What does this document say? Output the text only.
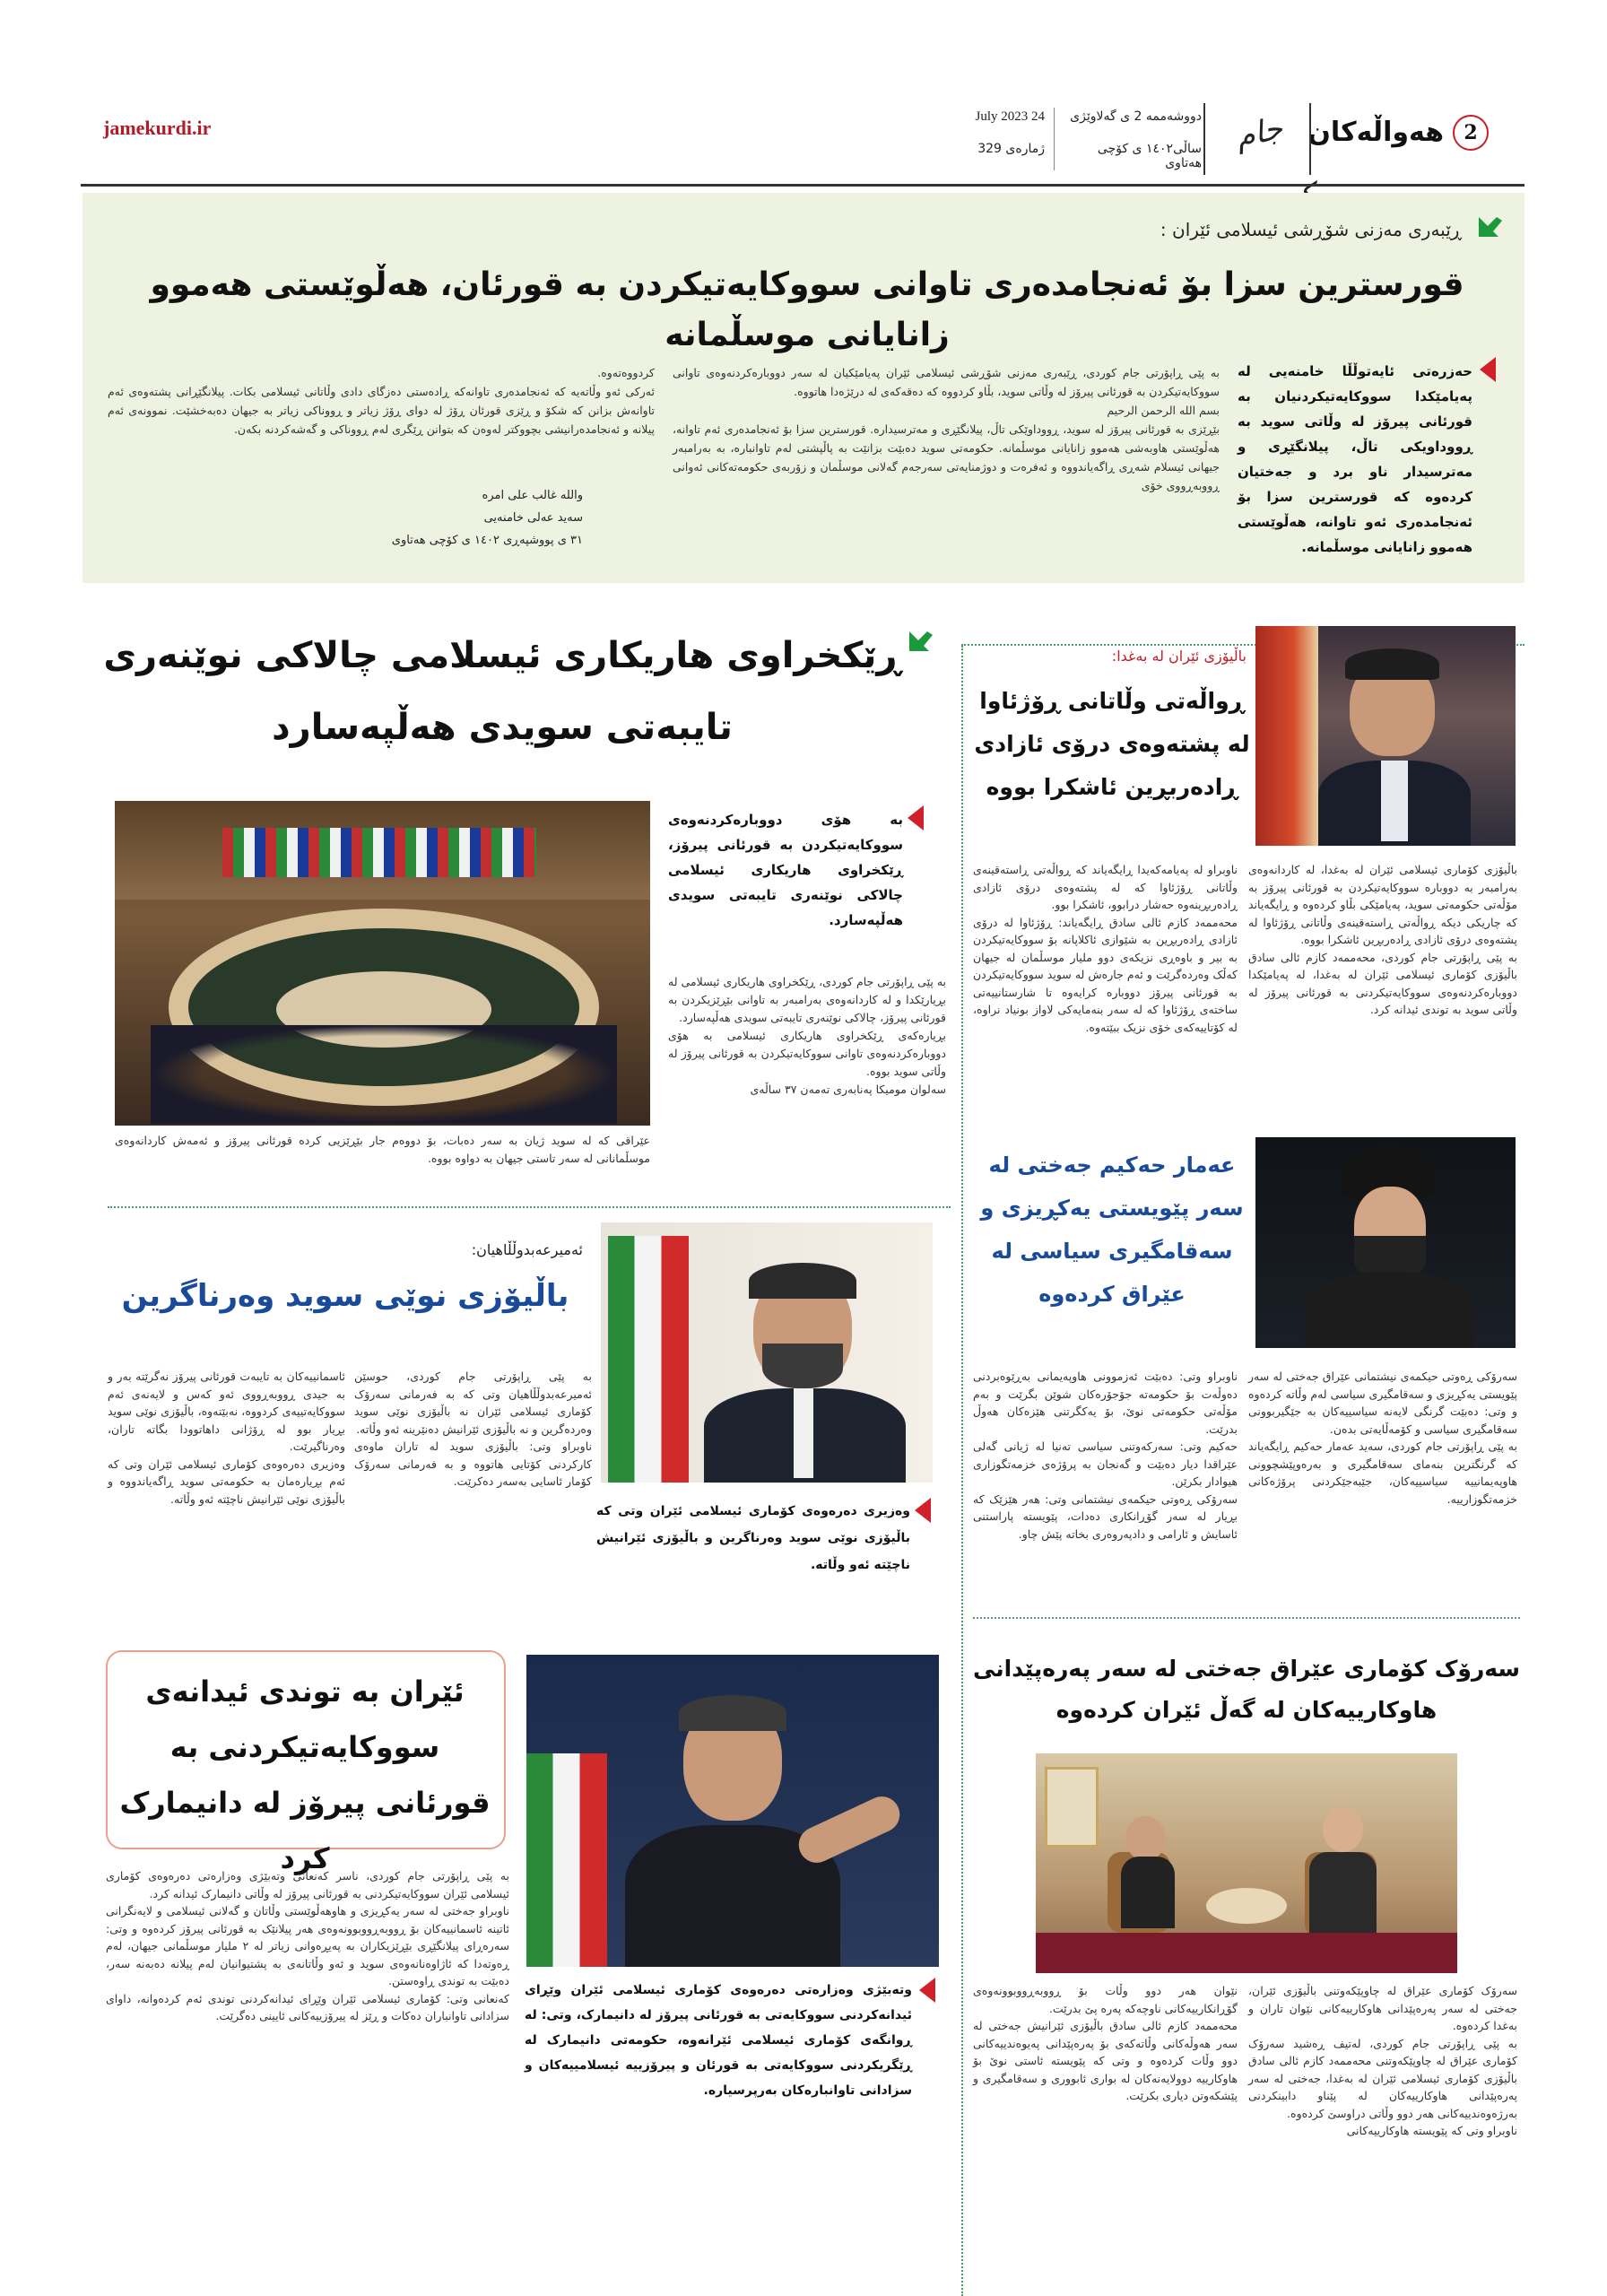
2
هەواڵەکان
جام
دووشەممە 2 ی گەلاوێژی
ساڵی١٤٠٢ ی کۆچی هەتاوی
24 July 2023
ژمارەی 329
jamekurdi.ir
ڕێبەری مەزنی شۆڕشی ئیسلامی ئێران :
قورسترین سزا بۆ ئەنجامدەری تاوانی سووکایەتیکردن بە قورئان، هەڵوێستی هەموو زانایانی موسڵمانە
حەزرەتی ئایەتوڵڵا خامنەیی لە پەیامێکدا سووکایەتیکردنیان بە قورئانی پیرۆز لە وڵاتی سوید بە ڕووداویکی تاڵ، پیلانگێڕی و مەترسیدار ناو برد و جەختیان کردەوە کە قورسترین سزا بۆ ئەنجامدەری ئەو تاوانە، هەڵوێستی هەموو زانایانی موسڵمانە.
بە پێی ڕاپۆرتی جام کوردی، ڕێبەری مەزنی شۆڕشی ئیسلامی ئێران پەیامێکیان لە سەر دووبارەکردنەوەی تاوانی سووکایەتیکردن بە قورئانی پیرۆز لە وڵاتی سوید، بڵاو کردووە کە دەقەکەی لە درێژەدا هاتووە.
بسم الله الرحمن الرحیم
بێڕێزی بە قورئانی پیرۆز لە سوید، ڕووداوێکی تاڵ، پیلانگێڕی و مەترسیدارە. قورسترین سزا بۆ ئەنجامدەری ئەم تاوانە، هەڵوێستی هاوبەشی هەموو زانایانی موسڵمانە. حکومەتی سوید دەبێت بزانێت بە پاڵپشتی لەم تاوانبارە، بە بەرامبەر جیهانی ئیسلام شەڕی ڕاگەیاندووە و ئەفرەت و دوژمنایەتی سەرجەم گەلانی موسڵمان و زۆربەی حکومەتەکانی ئەوانی ڕووبەڕووی خۆی
کردووەتەوە.
ئەرکی ئەو وڵاتەیە کە ئەنجامدەری تاوانەکە ڕادەستی دەزگای دادی وڵاتانی ئیسلامی بکات. پیلانگێڕانی پشتەوەی ئەم تاوانەش بزانن کە شکۆ و ڕێزی قورئان ڕۆژ لە دوای ڕۆژ زیاتر و ڕووناکی زیاتر بە جیهان دەبەخشێت. نموونەی ئەم پیلانە و ئەنجامدەرانیشی بچووکتر لەوەن کە بتوانن ڕێگری لەم ڕووناکی و گەشەکردنە بکەن.
والله غالب علی امره
سەید عەلی خامنەیی
٣١ ی پووشپەڕی ١٤٠٢ ی کۆچی هەتاوی
باڵیۆزی ئێران لە بەغدا:
ڕواڵەتی وڵاتانی ڕۆژئاوا لە پشتەوەی درۆی ئازادی ڕادەربڕین ئاشکرا بووە
باڵیۆزی کۆماری ئیسلامی ئێران لە بەغدا، لە کاردانەوەی بەرامبەر بە دووبارە سووکایەتیکردن بە قورئانی پیرۆز بە مۆڵەتی حکومەتی سوید، پەیامێکی بڵاو کردەوە و ڕایگەیاند کە چاریکی دیکە ڕواڵەتی ڕاستەقینەی وڵاتانی ڕۆژئاوا لە پشتەوەی درۆی ئازادی ڕادەربڕین ئاشکرا بووە.
بە پێی ڕاپۆرتی جام کوردی، محەممەد کازم ئالی سادق باڵیۆزی کۆماری ئیسلامی ئێران لە بەغدا، لە پەیامێکدا دووبارەکردنەوەی سووکایەتیکردنی بە قورئانی پیرۆز لە وڵاتی سوید بە توندی ئیدانە کرد.
ناوبراو لە پەیامەکەیدا ڕایگەیاند کە ڕواڵەتی ڕاستەقینەی وڵاتانی ڕۆژئاوا کە لە پشتەوەی درۆی ئازادی ڕادەربڕینەوە حەشار درابوو، ئاشکرا بوو.
محەممەد کازم ئالی سادق ڕایگەیاند: ڕۆژئاوا لە درۆی ئازادی ڕادەربڕین بە شێوازی ئاکلاپانە بۆ سووکایەتیکردن بە بیر و باوەڕی نزیکەی دوو ملیار موسڵمان لە جیهان کەڵک وەردەگرێت و ئەم جارەش لە سوید سووکایەتیکردن بە قورئانی پیرۆز دووبارە کرایەوە تا شارستانییەتی ساختەی ڕۆژئاوا کە لە سەر بنەمایەکی لاواز بونیاد نراوە، لە کۆتاییەکەی خۆی نزیک ببێتەوە.
عەمار حەکیم جەختی لە سەر پێویستی یەکڕیزی و سەقامگیری سیاسی لە عێراق کردەوە
سەرۆکی ڕەوتی حیکمەی نیشتمانی عێراق جەختی لە سەر پێویستی یەکڕیزی و سەقامگیری سیاسی لەم وڵاتە کردەوە و وتی: دەبێت گرنگی لایەنە سیاسییەکان بە جێگیربوونی سەقامگیری سیاسی و کۆمەڵایەتی بدەن.
بە پێی ڕاپۆرتی جام کوردی، سەید عەمار حەکیم ڕایگەیاند کە گرنگترین بنەمای سەقامگیری و بەرەوپێشچوونی هاوپەیمانییە سیاسییەکان، جێبەجێکردنی پرۆژەکانی خزمەتگوزارییە.
ناوبراو وتی: دەبێت ئەزموونی هاوپەیمانی بەڕێوەبردنی دەوڵەت بۆ حکومەتە جۆجۆرەکان شوێن بگرێت و بەم مۆڵەتی حکومەتی نوێ، بۆ یەکگرتنی هێزەکان هەوڵ بدرێت.
حەکیم وتی: سەرکەوتنی سیاسی تەنیا لە ژیانی گەلی عێراقدا دیار دەبێت و گەنجان بە پرۆژەی خزمەتگوزاری هیوادار بکرێن.
سەرۆکی ڕەوتی حیکمەی نیشتمانی وتی: هەر هێزێک کە بڕیار لە سەر گۆڕانکاری دەدات، پێویستە پاراستنی ئاسایش و ئارامی و دادپەروەری بخاتە پێش چاو.
سەرۆک کۆماری عێراق جەختی لە سەر پەرەپێدانی هاوکارییەکان لە گەڵ ئێران کردەوە
سەرۆک کۆماری عێراق لە چاوپێکەوتنی باڵیۆزی ئێران، جەختی لە سەر پەرەپێدانی هاوکارییەکانی نێوان تاران و بەغدا کردەوە.
بە پێی ڕاپۆرتی جام کوردی، لەتیف ڕەشید سەرۆک کۆماری عێراق لە چاوپێکەوتنی محەممەد کازم ئالی سادق باڵیۆزی کۆماری ئیسلامی ئێران لە بەغدا، جەختی لە سەر پەرەپێدانی هاوکارییەکان لە پێناو دابینکردنی بەرژەوەندییەکانی هەر دوو وڵاتی دراوسێ کردەوە.
ناوبراو وتی کە پێویستە هاوکارییەکانی
نێوان هەر دوو وڵات بۆ ڕووبەڕووبوونەوەی گۆڕانکارییەکانی ناوچەکە پەرە پێ بدرێت.
محەممەد کازم ئالی سادق باڵیۆزی ئێرانیش جەختی لە سەر هەوڵەکانی وڵاتەکەی بۆ پەرەپێدانی پەیوەندییەکانی دوو وڵات کردەوە و وتی کە پێویستە ئاستی نوێ بۆ هاوکارییە دوولایەنەکان لە بواری ئابووری و سەقامگیری و پێشکەوتن دیاری بکرێت.
ڕێکخراوی هاریکاری ئیسلامی چالاکی نوێنەری
تایبەتی سویدی هەڵپەسارد
بە هۆی دووبارەکردنەوەی سووکایەتیکردن بە قورئانی پیرۆز، ڕێکخراوی هاریکاری ئیسلامی چالاکی نوێنەری تایبەتی سویدی هەڵپەسارد.
بە پێی ڕاپۆرتی جام کوردی، ڕێکخراوی هاریکاری ئیسلامی لە بڕیارێکدا و لە کاردانەوەی بەرامبەر بە تاوانی بێڕێزیکردن بە قورئانی پیرۆز، چالاکی نوێنەری تایبەتی سویدی هەڵپەسارد.
بڕیارەکەی ڕێکخراوی هاریکاری ئیسلامی بە هۆی دووبارەکردنەوەی تاوانی سووکایەتیکردن بە قورئانی پیرۆز لە وڵاتی سوید بووە.
سەلوان مومیکا پەنابەری تەمەن ٣٧ ساڵەی
عێراقی کە لە سوید ژیان بە سەر دەبات، بۆ دووەم جار بێڕێزیی کردە قورئانی پیرۆز و ئەمەش کاردانەوەی موسڵمانانی لە سەر تاستی جیهان بە دواوە بووە.
ئەمیرعەبدوڵڵاهیان:
باڵیۆزی نوێی سوید وەرناگرین
وەزیری دەرەوەی کۆماری ئیسلامی ئێران وتی کە باڵیۆزی نوێی سوید وەرناگرین و باڵیۆزی ئێرانیش ناچێتە ئەو وڵاتە.
بە پێی ڕاپۆرتی جام کوردی، حوسێن ئەمیرعەبدوڵڵاهیان وتی کە بە فەرمانی سەرۆک کۆماری ئیسلامی ئێران نە باڵیۆزی نوێی سوید وەردەگرین و نە باڵیۆزی ئێرانیش دەنێرینە ئەو وڵاتە.
ناوبراو وتی: باڵیۆزی سوید لە تاران ماوەی کارکردنی کۆتایی هاتووە و بە فەرمانی سەرۆک کۆمار ئاسایی بەسەر دەکرێت.
ئاسمانییەکان بە تایبەت قورئانی پیرۆز نەگرێتە بەر و بە جیدی ڕووبەڕووی ئەو کەس و لایەنەی ئەم سووکایەتییەی کردووە، نەبێتەوە، باڵیۆزی نوێی سوید بڕیار بوو لە ڕۆژانی داهاتوودا بگاتە تاران، وەرناگیرێت.
وەزیری دەرەوەی کۆماری ئیسلامی ئێران وتی کە ئەم بڕیارەمان بە حکومەتی سوید ڕاگەیاندووە و باڵیۆزی نوێی ئێرانیش ناچێتە ئەو وڵاتە.
ئێران بە توندی ئیدانەی سووکایەتیکردنی بە قورئانی پیرۆز لە دانیمارک کرد
وتەبێژی وەزارەتی دەرەوەی کۆماری ئیسلامی ئێران وێڕای ئیدانەکردنی سووکایەتی بە قورئانی پیرۆز لە دانیمارک، وتی: لە ڕوانگەی کۆماری ئیسلامی ئێرانەوە، حکومەتی دانیمارک لە ڕێگریکردنی سووکایەتی بە قورئان و پیرۆزییە ئیسلامییەکان و سزادانی تاوانبارەکان بەرپرسیارە.
بە پێی ڕاپۆرتی جام کوردی، ناسر کەنعانی وتەبێژی وەزارەتی دەرەوەی کۆماری ئیسلامی ئێران سووکایەتیکردنی بە قورئانی پیرۆز لە وڵاتی دانیمارک ئیدانە کرد.
ناوبراو جەختی لە سەر یەکڕیزی و هاوهەڵوێستی وڵاتان و گەلانی ئیسلامی و لایەنگرانی ئاتینە ئاسمانییەکان بۆ ڕووبەڕووبوونەوەی هەر پیلانێک بە قورئانی پیرۆز کردەوە و وتی: سەرەڕای پیلانگێڕی بێڕێزیکاران بە پەیڕەوانی زیاتر لە ٢ ملیار موسڵمانی جیهان، لەم ڕەوتەدا کە ئاژاوەنانەوەی سوید و ئەو وڵاتانەی بە پشتیوانیان لەم پیلانە دەبەنە سەر، دەبێت بە توندی ڕاوەستن.
کەنعانی وتی: کۆماری ئیسلامی ئێران وێڕای ئیدانەکردنی توندی ئەم کردەوانە، داوای سزادانی تاوانباران دەکات و ڕێز لە پیرۆزییەکانی ئایینی دەگرێت.
